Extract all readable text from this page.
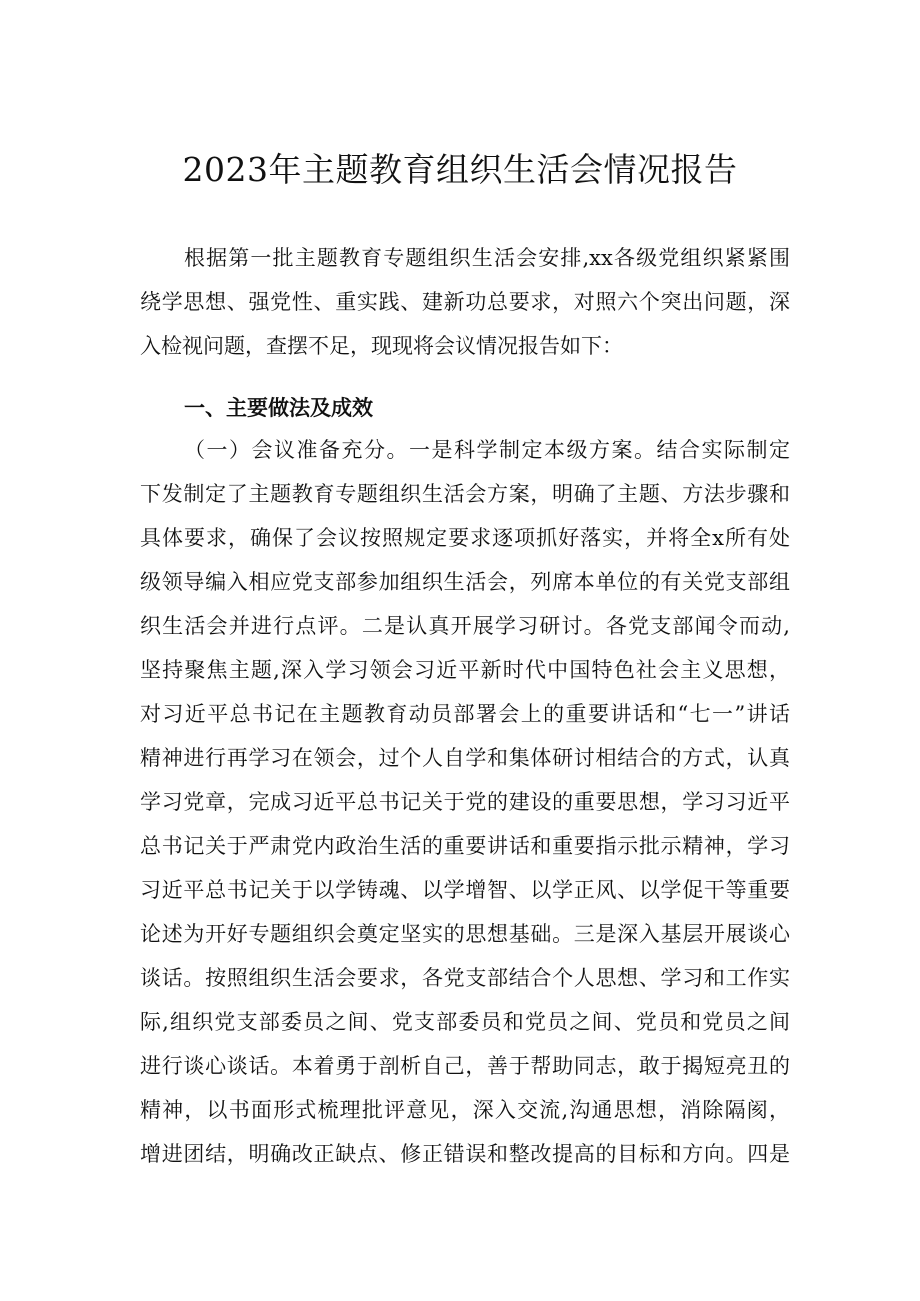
2023年主题教育组织生活会情况报告

根据第一批主题教育专题组织生活会安排,xx各级党组织紧紧围

绕学思想、强党性、重实践、建新功总要求，对照六个突出问题，深

入检视问题，查摆不足，现现将会议情况报告如下：

一、主要做法及成效

（一）会议准备充分。一是科学制定本级方案。结合实际制定

下发制定了主题教育专题组织生活会方案，明确了主题、方法步骤和

具体要求，确保了会议按照规定要求逐项抓好落实，并将全x所有处

级领导编入相应党支部参加组织生活会，列席本单位的有关党支部组

织生活会并进行点评。二是认真开展学习研讨。各党支部闻令而动,

坚持聚焦主题,深入学习领会习近平新时代中国特色社会主义思想，

对习近平总书记在主题教育动员部署会上的重要讲话和“七一”讲话

精神进行再学习在领会，过个人自学和集体研讨相结合的方式，认真

学习党章，完成习近平总书记关于党的建设的重要思想，学习习近平

总书记关于严肃党内政治生活的重要讲话和重要指示批示精神，学习

习近平总书记关于以学铸魂、以学增智、以学正风、以学促干等重要

论述为开好专题组织会奠定坚实的思想基础。三是深入基层开展谈心

谈话。按照组织生活会要求，各党支部结合个人思想、学习和工作实

际,组织党支部委员之间、党支部委员和党员之间、党员和党员之间

进行谈心谈话。本着勇于剖析自己，善于帮助同志，敢于揭短亮丑的

精神，以书面形式梳理批评意见，深入交流,沟通思想，消除隔阂，

增进团结，明确改正缺点、修正错误和整改提高的目标和方向。四是
